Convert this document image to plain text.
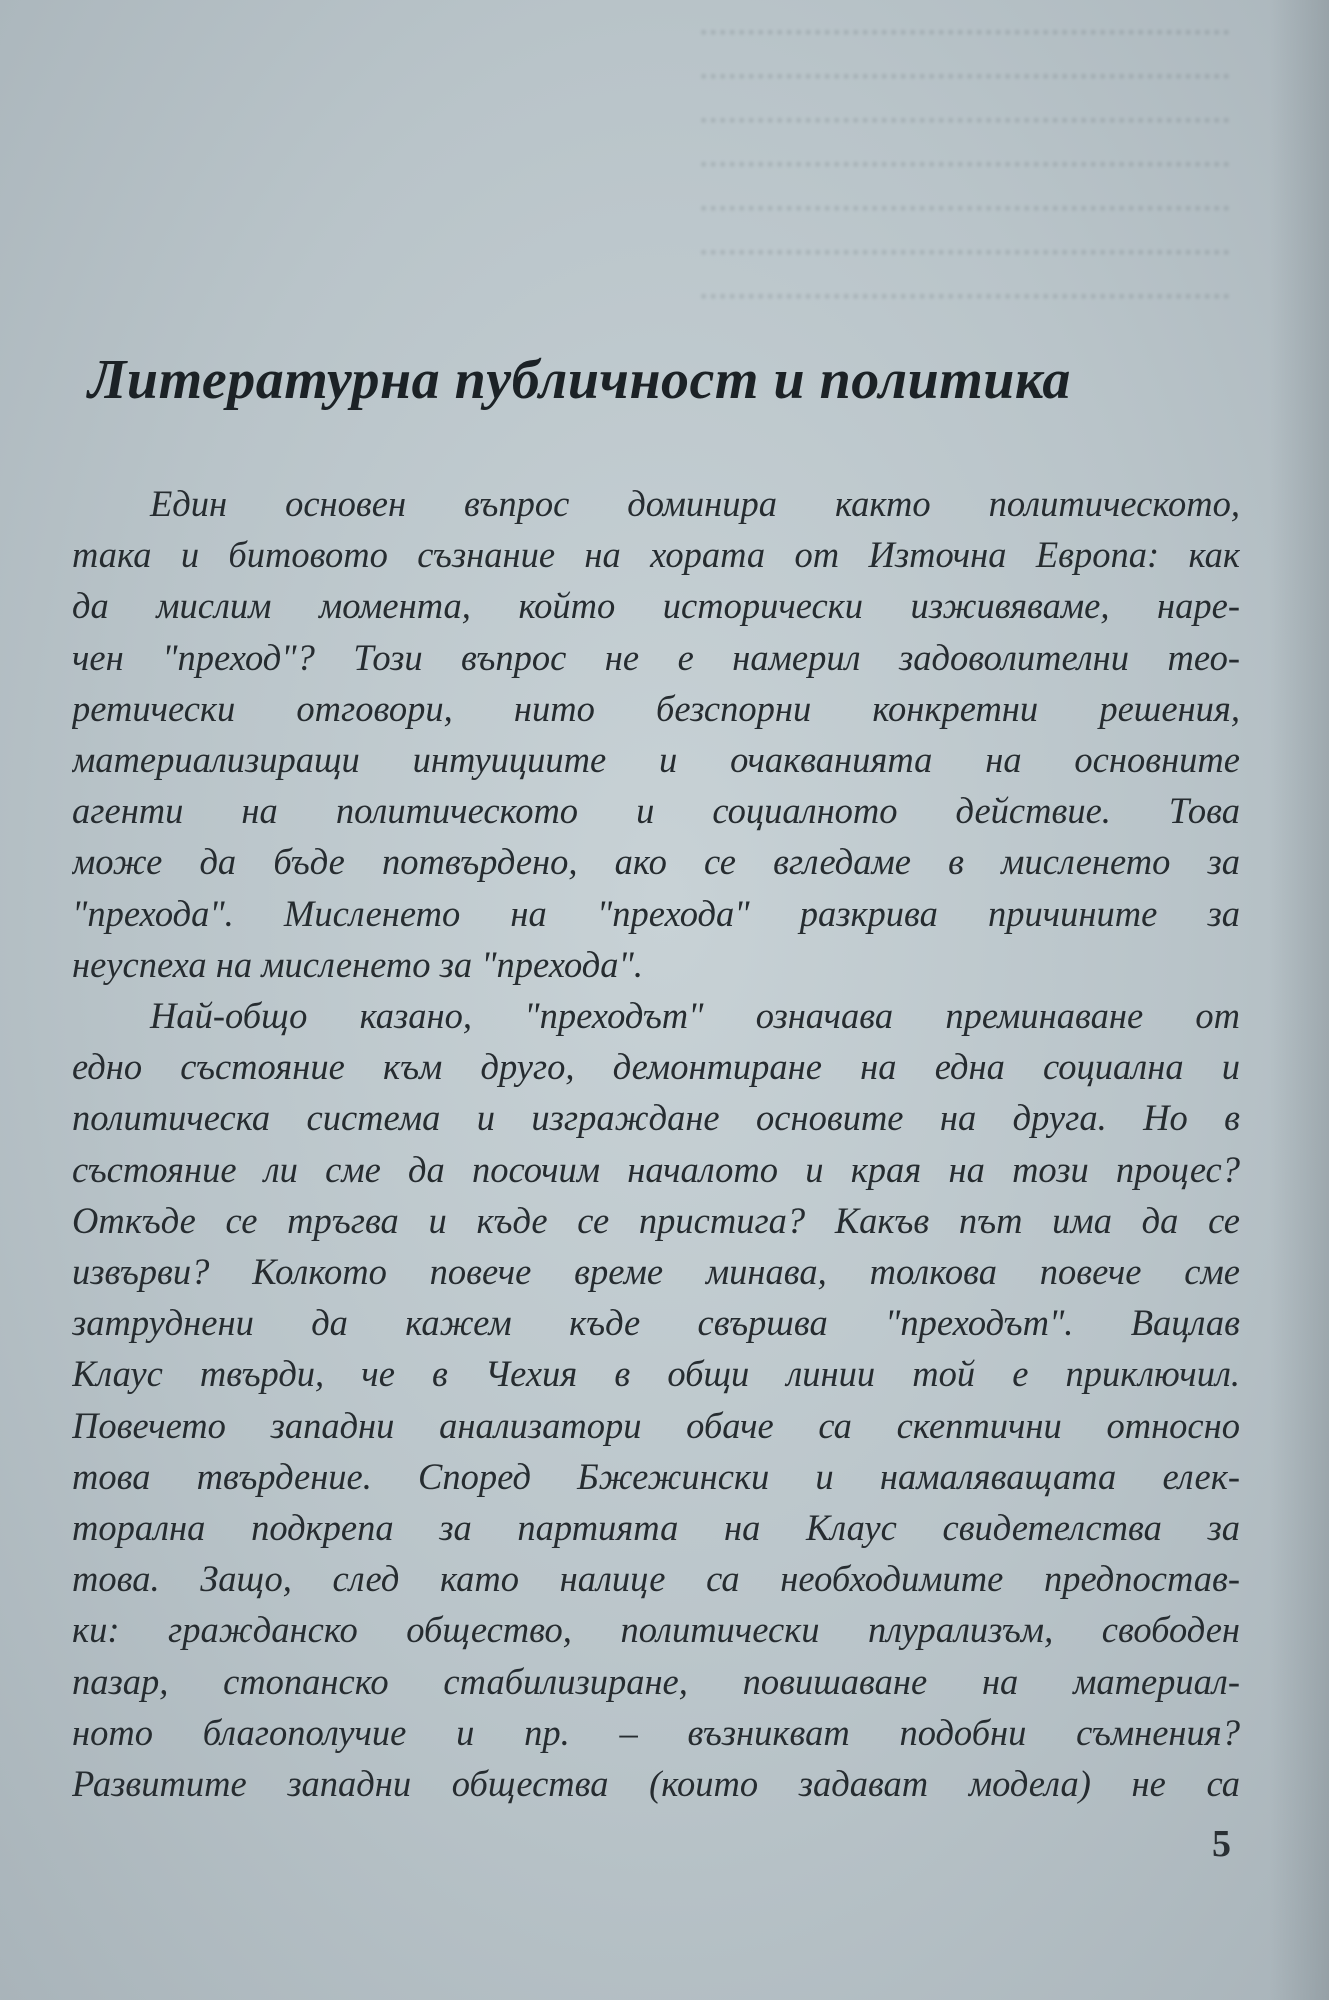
........................................................
........................................................
........................................................
........................................................
........................................................
........................................................
........................................................
Литературна публичност и политика
Един основен въпрос доминира както политическото,
така и битовото съзнание на хората от Източна Европа: как
да мислим момента, който исторически изживяваме, наре-
чен "преход"? Този въпрос не е намерил задоволителни тео-
ретически отговори, нито безспорни конкретни решения,
материализиращи интуициите и очакванията на основните
агенти на политическото и социалното действие. Това
може да бъде потвърдено, ако се вгледаме в мисленето за
"прехода". Мисленето на "прехода" разкрива причините за
неуспеха на мисленето за "прехода".
Най-общо казано, "преходът" означава преминаване от
едно състояние към друго, демонтиране на една социална и
политическа система и изграждане основите на друга. Но в
състояние ли сме да посочим началото и края на този процес?
Откъде се тръгва и къде се пристига? Какъв път има да се
извърви? Колкото повече време минава, толкова повече сме
затруднени да кажем къде свършва "преходът". Вацлав
Клаус твърди, че в Чехия в общи линии той е приключил.
Повечето западни анализатори обаче са скептични относно
това твърдение. Според Бжежински и намаляващата елек-
торална подкрепа за партията на Клаус свидетелства за
това. Защо, след като налице са необходимите предпостав-
ки: гражданско общество, политически плурализъм, свободен
пазар, стопанско стабилизиране, повишаване на материал-
ното благополучие и пр. – възникват подобни съмнения?
Развитите западни общества (които задават модела) не са
5
